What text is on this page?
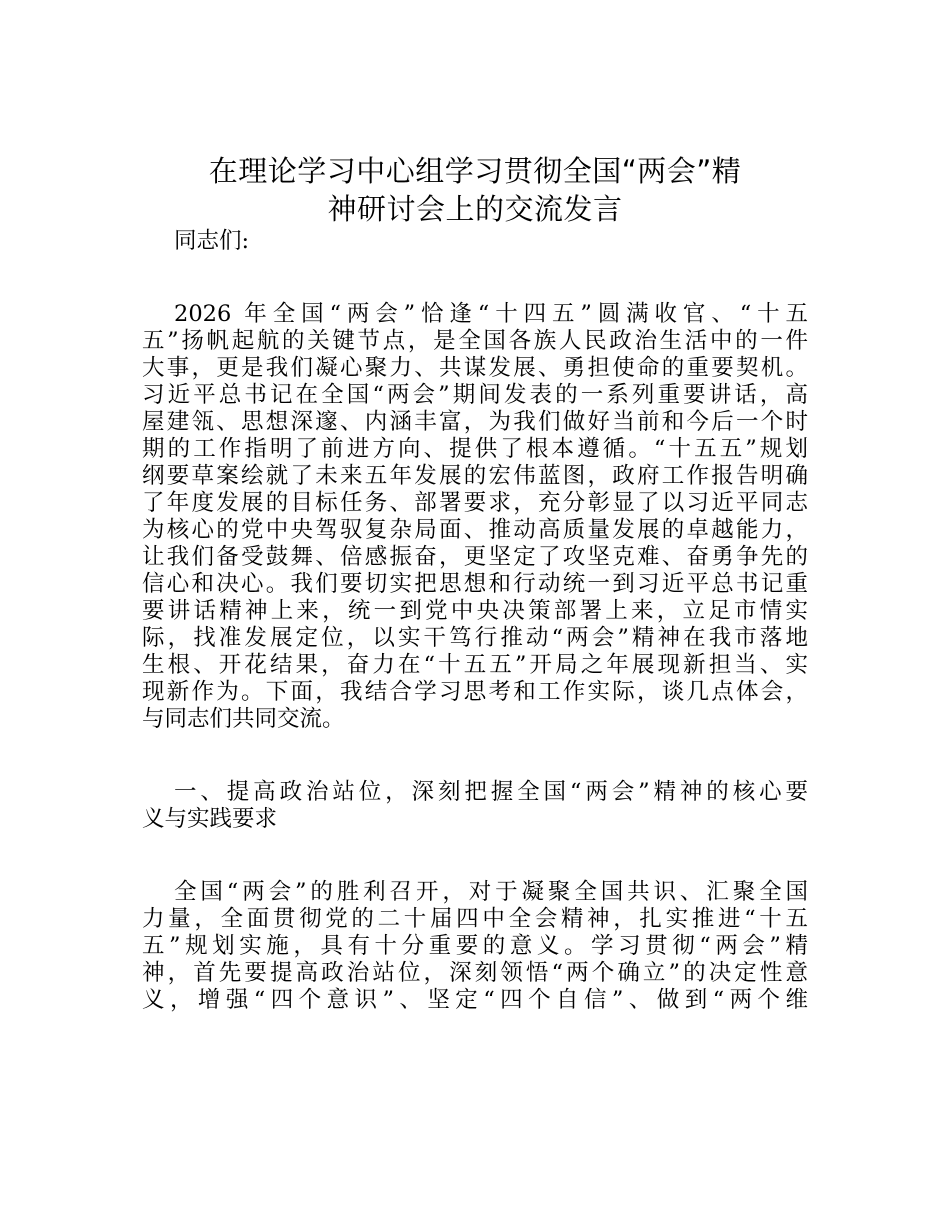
在理论学习中心组学习贯彻全国“两会”精
神研讨会上的交流发言
同志们:
2026 年全国“两会”恰逢“十四五”圆满收官、“十五
五”扬帆起航的关键节点，是全国各族人民政治生活中的一件
大事，更是我们凝心聚力、共谋发展、勇担使命的重要契机。
习近平总书记在全国“两会”期间发表的一系列重要讲话，高
屋建瓴、思想深邃、内涵丰富，为我们做好当前和今后一个时
期的工作指明了前进方向、提供了根本遵循。“十五五”规划
纲要草案绘就了未来五年发展的宏伟蓝图，政府工作报告明确
了年度发展的目标任务、部署要求，充分彰显了以习近平同志
为核心的党中央驾驭复杂局面、推动高质量发展的卓越能力，
让我们备受鼓舞、倍感振奋，更坚定了攻坚克难、奋勇争先的
信心和决心。我们要切实把思想和行动统一到习近平总书记重
要讲话精神上来，统一到党中央决策部署上来，立足市情实
际，找准发展定位，以实干笃行推动“两会”精神在我市落地
生根、开花结果，奋力在“十五五”开局之年展现新担当、实
现新作为。下面，我结合学习思考和工作实际，谈几点体会，
与同志们共同交流。
一、提高政治站位，深刻把握全国“两会”精神的核心要
义与实践要求
全国“两会”的胜利召开，对于凝聚全国共识、汇聚全国
力量，全面贯彻党的二十届四中全会精神，扎实推进“十五
五”规划实施，具有十分重要的意义。学习贯彻“两会”精
神，首先要提高政治站位，深刻领悟“两个确立”的决定性意
义，增强“四个意识”、坚定“四个自信”、做到“两个维
